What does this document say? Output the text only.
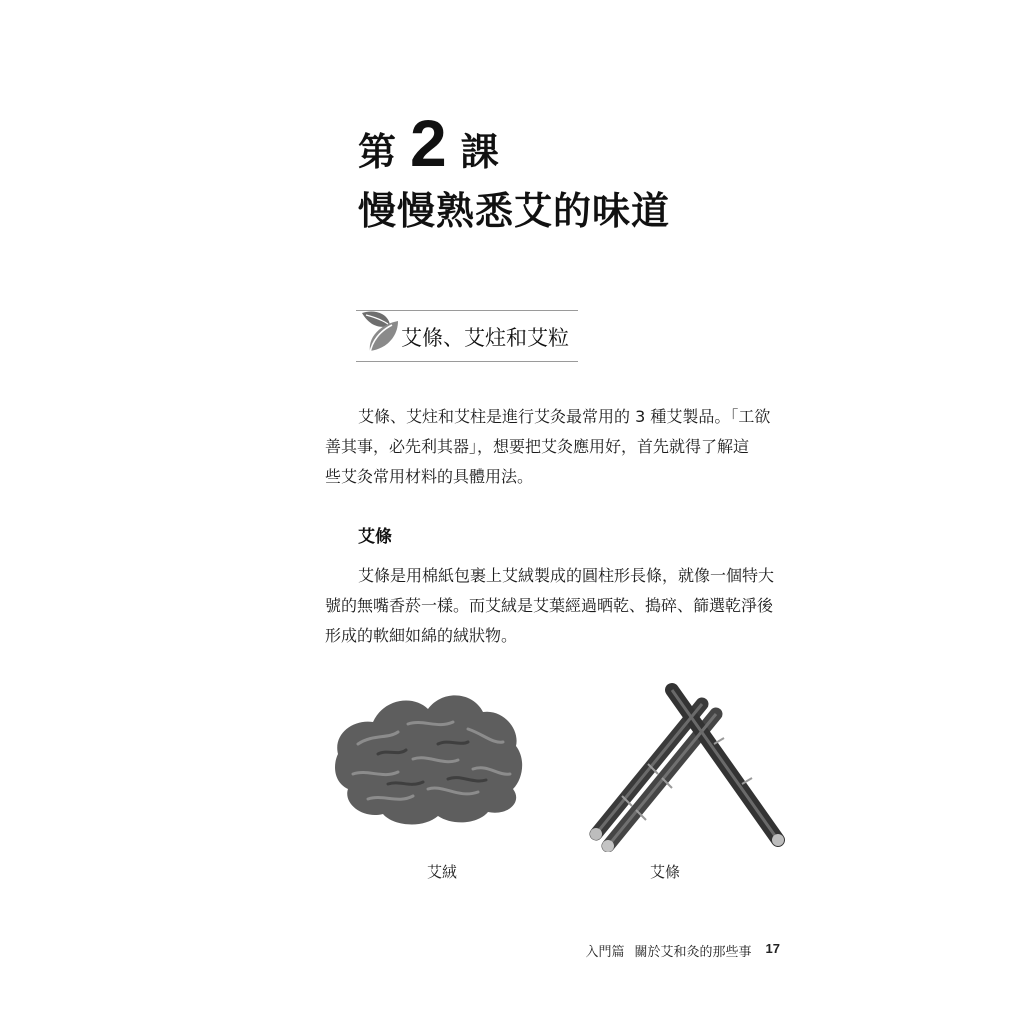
第 2 課
慢慢熟悉艾的味道
艾條、艾炷和艾粒
艾條、艾炷和艾柱是進行艾灸最常用的 3 種艾製品。「工欲
善其事，必先利其器」，想要把艾灸應用好，首先就得了解這
些艾灸常用材料的具體用法。
艾條
艾條是用棉紙包裹上艾絨製成的圓柱形長條，就像一個特大
號的無嘴香菸一樣。而艾絨是艾葉經過晒乾、搗碎、篩選乾淨後
形成的軟細如綿的絨狀物。
艾絨	艾條
入門篇 關於艾和灸的那些事 17
